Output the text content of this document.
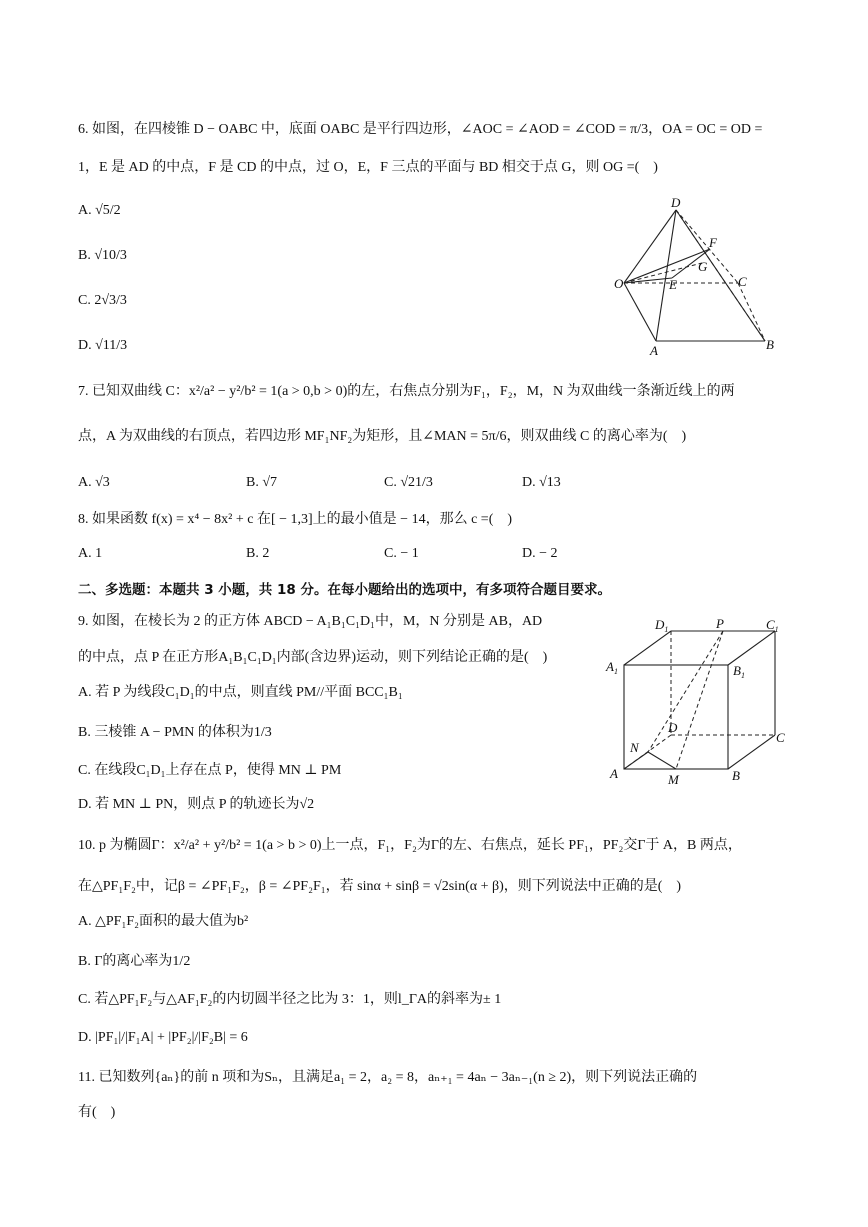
6. 如图，在四棱锥 D − OABC 中，底面 OABC 是平行四边形，∠AOC = ∠AOD = ∠COD = π/3，OA = OC = OD =
1，E 是 AD 的中点，F 是 CD 的中点，过 O，E，F 三点的平面与 BD 相交于点 G，则 OG =(　)
A. √5/2
B. √10/3
C. 2√3/3
D. √11/3
D
F
G
O	E	C
A	B
7. 已知双曲线 C：x²/a² − y²/b² = 1(a > 0,b > 0)的左，右焦点分别为F₁，F₂，M，N 为双曲线一条渐近线上的两
点，A 为双曲线的右顶点，若四边形 MF₁NF₂为矩形，且∠MAN = 5π/6，则双曲线 C 的离心率为(　)
A. √3	B. √7	C. √21/3	D. √13
8. 如果函数 f(x) = x⁴ − 8x² + c 在[ − 1,3]上的最小值是 − 14，那么 c =(　)
A. 1	B. 2	C. − 1	D. − 2
二、多选题：本题共 3 小题，共 18 分。在每小题给出的选项中，有多项符合题目要求。
9. 如图，在棱长为 2 的正方体 ABCD − A₁B₁C₁D₁中，M，N 分别是 AB，AD
的中点，点 P 在正方形A₁B₁C₁D₁内部(含边界)运动，则下列结论正确的是(　)
A. 若 P 为线段C₁D₁的中点，则直线 PM//平面 BCC₁B₁
B. 三棱锥 A − PMN 的体积为1/3
C. 在线段C₁D₁上存在点 P，使得 MN ⊥ PM
D. 若 MN ⊥ PN，则点 P 的轨迹长为√2
$D_1$	P	$C_1$
$A_1$	$B_1$
D
C
N
A	M	B
10. p 为椭圆Γ：x²/a² + y²/b² = 1(a > b > 0)上一点，F₁，F₂为Γ的左、右焦点，延长 PF₁，PF₂交Γ于 A，B 两点，
在△PF₁F₂中，记β = ∠PF₁F₂，β = ∠PF₂F₁，若 sinα + sinβ = √2sin(α + β)，则下列说法中正确的是(　)
A. △PF₁F₂面积的最大值为b²
B. Γ的离心率为1/2
C. 若△PF₁F₂与△AF₁F₂的内切圆半径之比为 3：1，则l_ΓA的斜率为± 1
D. |PF₁|/|F₁A| + |PF₂|/|F₂B| = 6
11. 已知数列{aₙ}的前 n 项和为Sₙ，且满足a₁ = 2，a₂ = 8，aₙ₊₁ = 4aₙ − 3aₙ₋₁(n ≥ 2)，则下列说法正确的
有(　)
